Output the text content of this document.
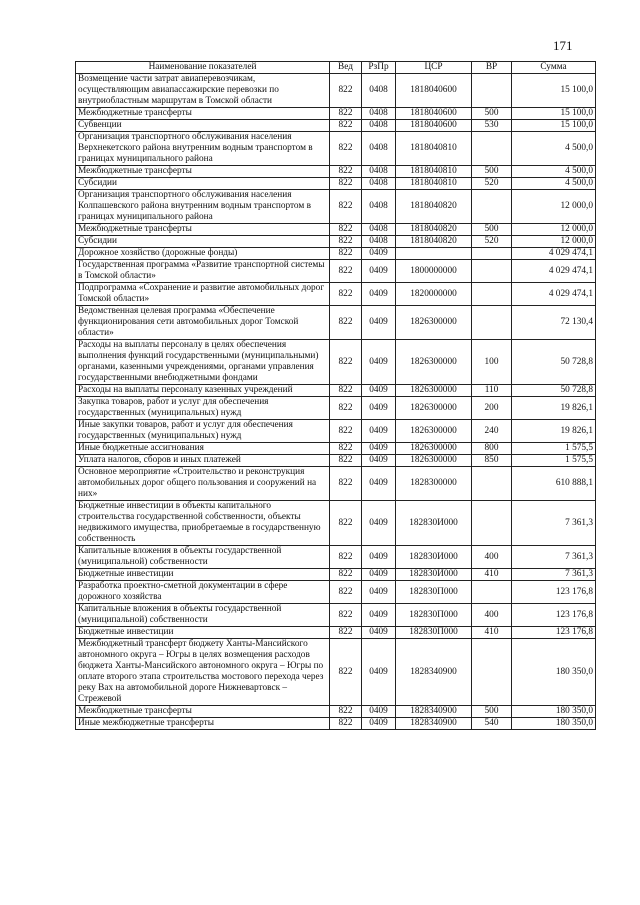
171
Наименование показателей	Вед	РзПр	ЦСР	ВР	Сумма
Возмещение части затрат авиаперевозчикам, осуществляющим авиапассажирские перевозки по внутриобластным маршрутам в Томской области	822	0408	1818040600		15 100,0
Межбюджетные трансферты	822	0408	1818040600	500	15 100,0
Субвенции	822	0408	1818040600	530	15 100,0
Организация транспортного обслуживания населения Верхнекетского района внутренним водным транспортом в границах муниципального района	822	0408	1818040810		4 500,0
Межбюджетные трансферты	822	0408	1818040810	500	4 500,0
Субсидии	822	0408	1818040810	520	4 500,0
Организация транспортного обслуживания населения Колпашевского района внутренним водным транспортом в границах муниципального района	822	0408	1818040820		12 000,0
Межбюджетные трансферты	822	0408	1818040820	500	12 000,0
Субсидии	822	0408	1818040820	520	12 000,0
Дорожное хозяйство (дорожные фонды)	822	0409			4 029 474,1
Государственная программа «Развитие транспортной системы в Томской области»	822	0409	1800000000		4 029 474,1
Подпрограмма «Сохранение и развитие автомобильных дорог Томской области»	822	0409	1820000000		4 029 474,1
Ведомственная целевая программа «Обеспечение функционирования сети автомобильных дорог Томской области»	822	0409	1826300000		72 130,4
Расходы на выплаты персоналу в целях обеспечения выполнения функций государственными (муниципальными) органами, казенными учреждениями, органами управления государственными внебюджетными фондами	822	0409	1826300000	100	50 728,8
Расходы на выплаты персоналу казенных учреждений	822	0409	1826300000	110	50 728,8
Закупка товаров, работ и услуг для обеспечения государственных (муниципальных) нужд	822	0409	1826300000	200	19 826,1
Иные закупки товаров, работ и услуг для обеспечения государственных (муниципальных) нужд	822	0409	1826300000	240	19 826,1
Иные бюджетные ассигнования	822	0409	1826300000	800	1 575,5
Уплата налогов, сборов и иных платежей	822	0409	1826300000	850	1 575,5
Основное мероприятие «Строительство и реконструкция автомобильных дорог общего пользования и сооружений на них»	822	0409	1828300000		610 888,1
Бюджетные инвестиции в объекты капитального строительства государственной собственности, объекты недвижимого имущества, приобретаемые в государственную собственность	822	0409	182830И000		7 361,3
Капитальные вложения в объекты государственной (муниципальной) собственности	822	0409	182830И000	400	7 361,3
Бюджетные инвестиции	822	0409	182830И000	410	7 361,3
Разработка проектно-сметной документации в сфере дорожного хозяйства	822	0409	182830П000		123 176,8
Капитальные вложения в объекты государственной (муниципальной) собственности	822	0409	182830П000	400	123 176,8
Бюджетные инвестиции	822	0409	182830П000	410	123 176,8
Межбюджетный трансферт бюджету Ханты-Мансийского автономного округа – Югры в целях возмещения расходов бюджета Ханты-Мансийского автономного округа – Югры по оплате второго этапа строительства мостового перехода через реку Вах на автомобильной дороге Нижневартовск – Стрежевой	822	0409	1828340900		180 350,0
Межбюджетные трансферты	822	0409	1828340900	500	180 350,0
Иные межбюджетные трансферты	822	0409	1828340900	540	180 350,0
